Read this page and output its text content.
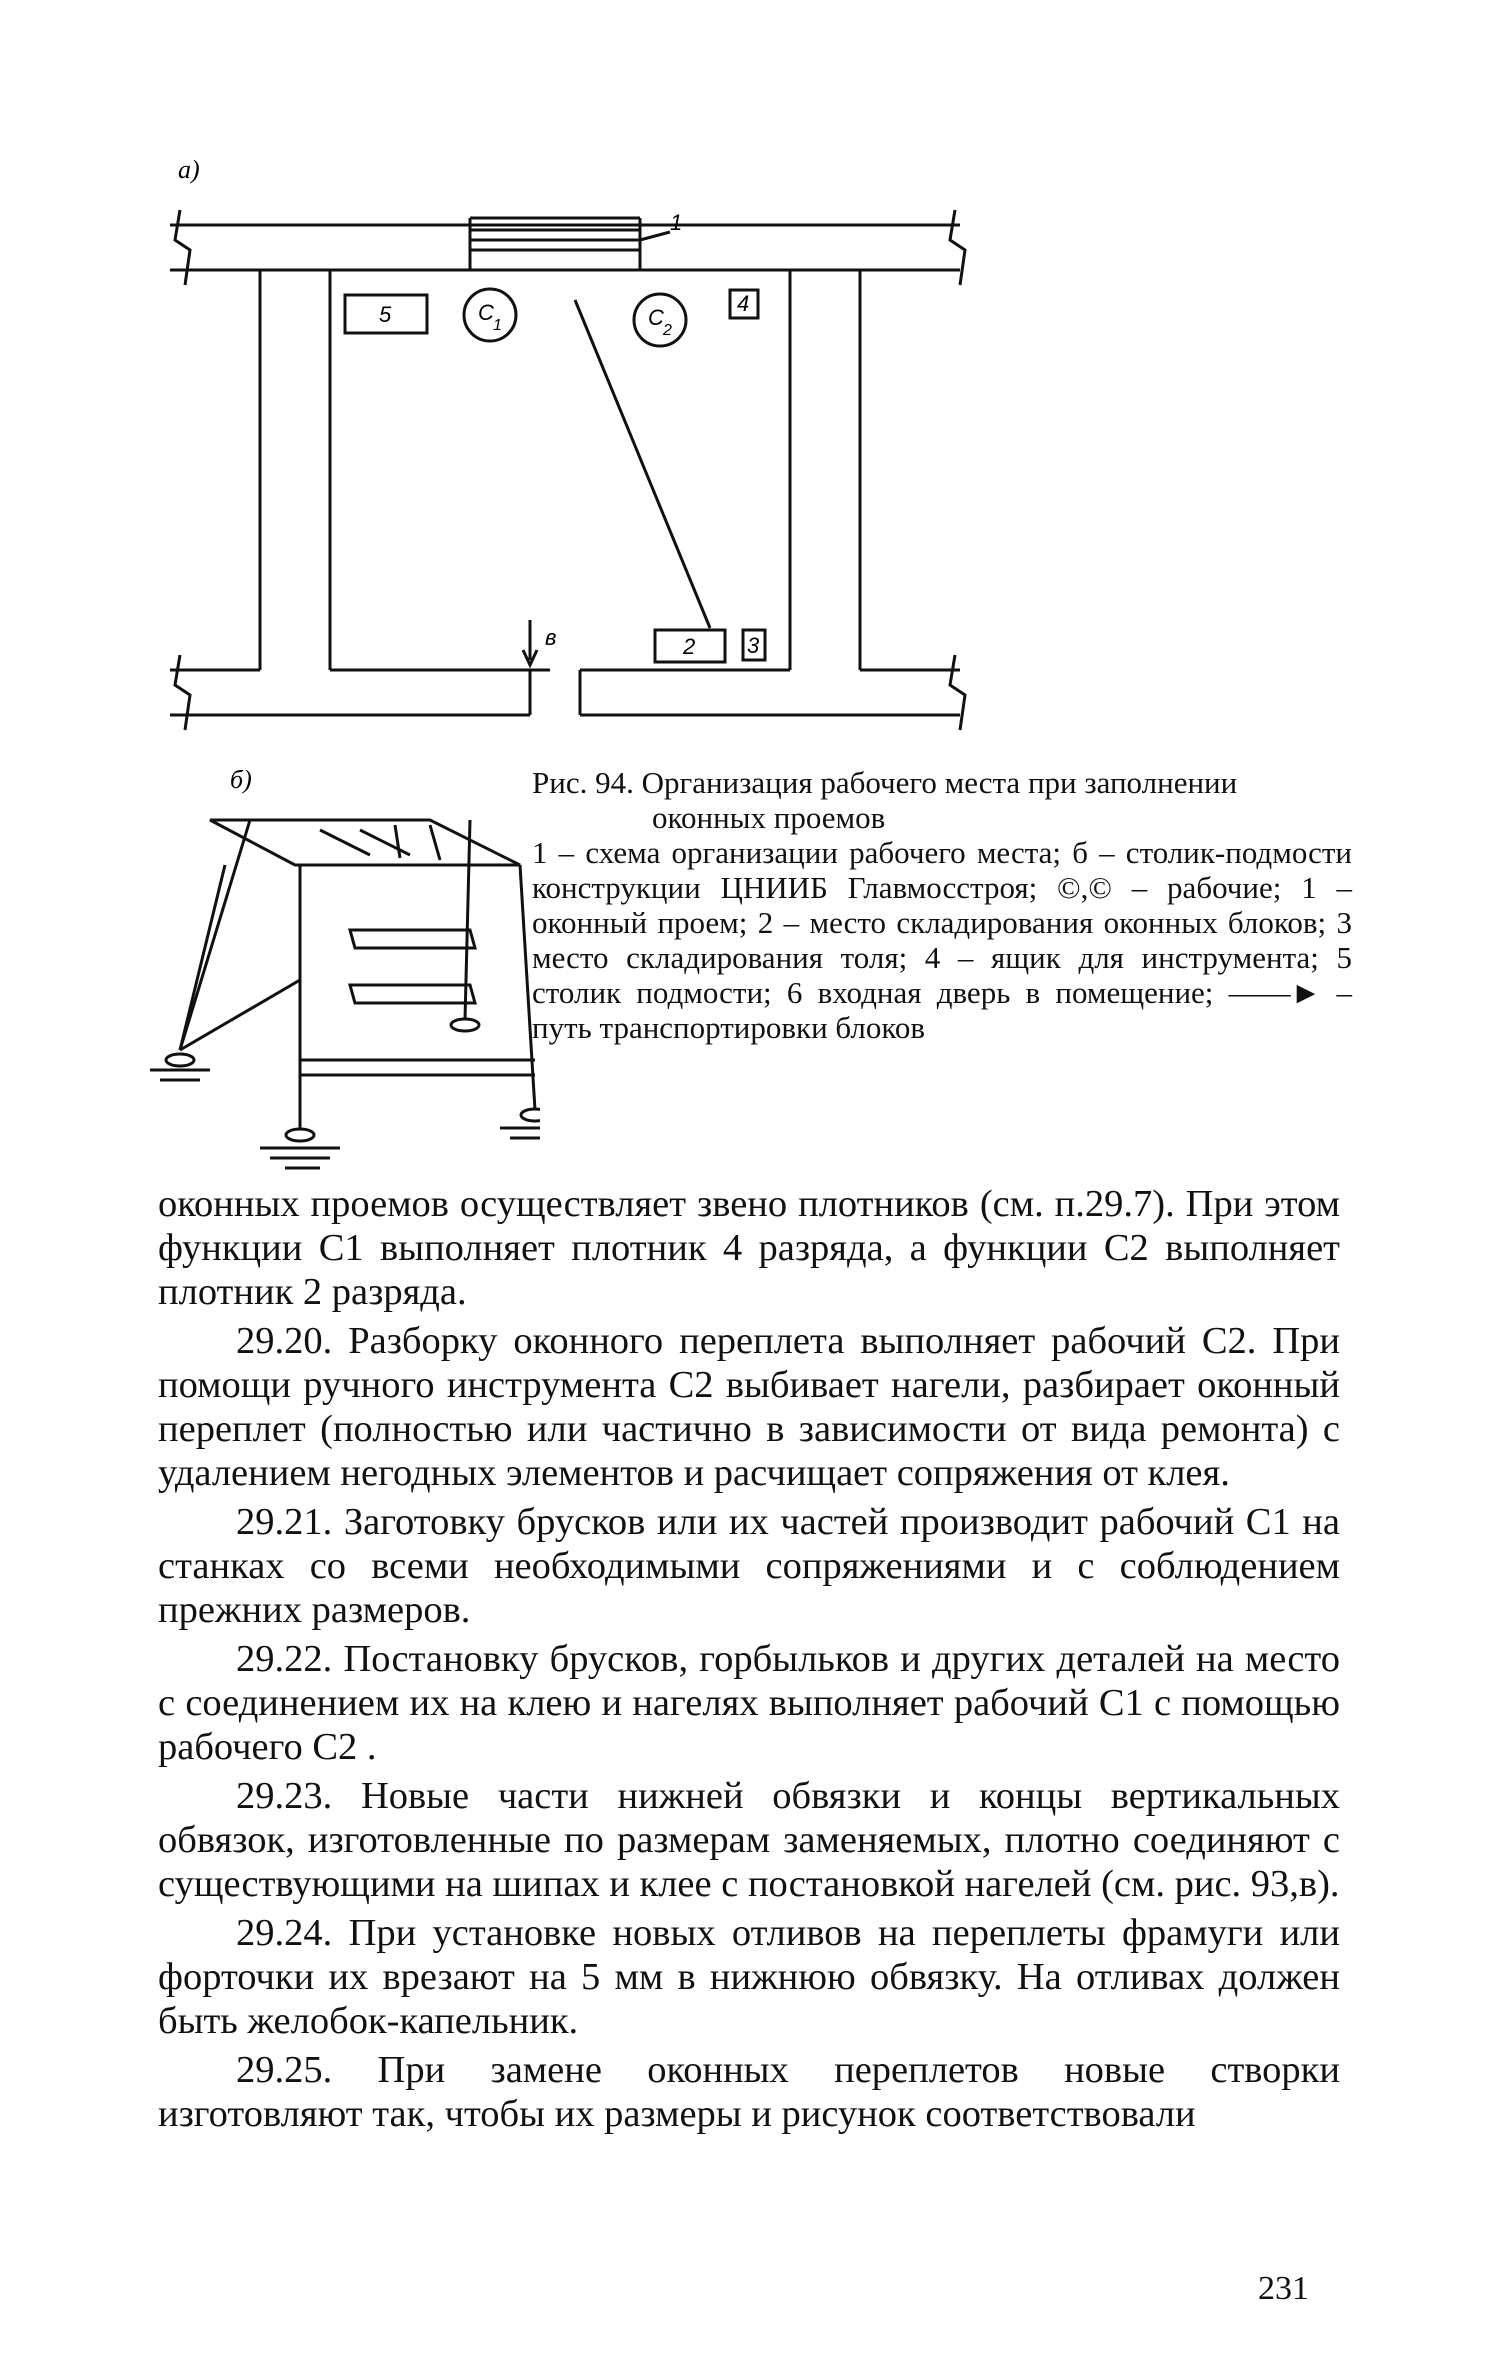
а)
5	4
2 3
C
1	C
2
1
в
б)	Рис. 94. Организация рабочего места при заполнении

оконных проемов

1 – схема организации рабочего места; б – столик-подмости конструкции ЦНИИБ Главмосстроя; ©,© – рабочие; 1 – оконный проем; 2 – место складирования оконных блоков; 3 место складирования толя; 4 – ящик для инструмента; 5 столик подмости; 6 входная дверь в помещение; ——► – путь транспортировки блоков

оконных проемов осуществляет звено плотников (см. п.29.7). При этом функции C1 выполняет плотник 4 разряда, а функции C2 выполняет плотник 2 разряда.

29.20. Разборку оконного переплета выполняет рабочий C2. При помощи ручного инструмента C2 выбивает нагели, разбирает оконный переплет (полностью или частично в зависимости от вида ремонта) с удалением негодных элементов и расчищает сопряжения от клея.

29.21. Заготовку брусков или их частей производит рабочий C1 на станках со всеми необходимыми сопряжениями и с соблюдением прежних размеров.

29.22. Постановку брусков, горбыльков и других деталей на место с соединением их на клею и нагелях выполняет рабочий C1 с помощью рабочего C2 .

29.23. Новые части нижней обвязки и концы вертикальных обвязок, изготовленные по размерам заменяемых, плотно соединяют с существующими на шипах и клее с постановкой нагелей (см. рис. 93,в).

29.24. При установке новых отливов на переплеты фрамуги или форточки их врезают на 5 мм в нижнюю обвязку. На отливах должен быть желобок-капельник.

29.25. При замене оконных переплетов новые створки изготовляют так, чтобы их размеры и рисунок соответствовали

231
